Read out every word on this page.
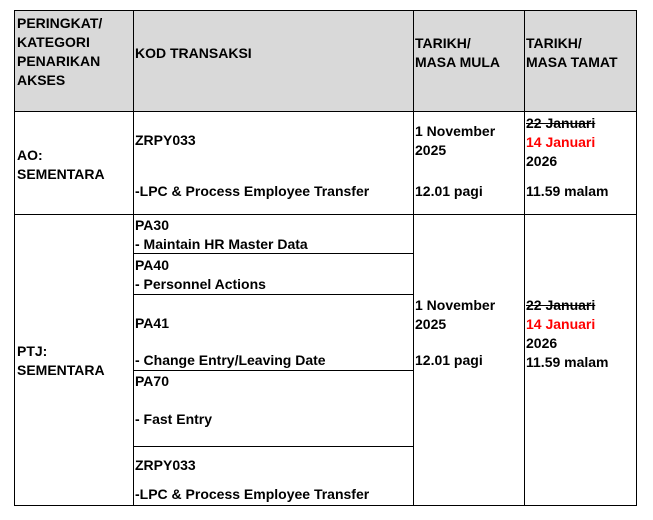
PERINGKAT/
KATEGORI
PENARIKAN
AKSES
KOD TRANSAKSI
TARIKH/
MASA MULA
TARIKH/
MASA TAMAT
AO:
SEMENTARA
ZRPY033
-LPC & Process Employee Transfer
1 November
2025
12.01 pagi
22 Januari
14 Januari
2026
11.59 malam
PTJ:
SEMENTARA
PA30
- Maintain HR Master Data
PA40
- Personnel Actions
PA41
- Change Entry/Leaving Date
PA70
- Fast Entry
ZRPY033
-LPC & Process Employee Transfer
1 November
2025
12.01 pagi
22 Januari
14 Januari
2026
11.59 malam
